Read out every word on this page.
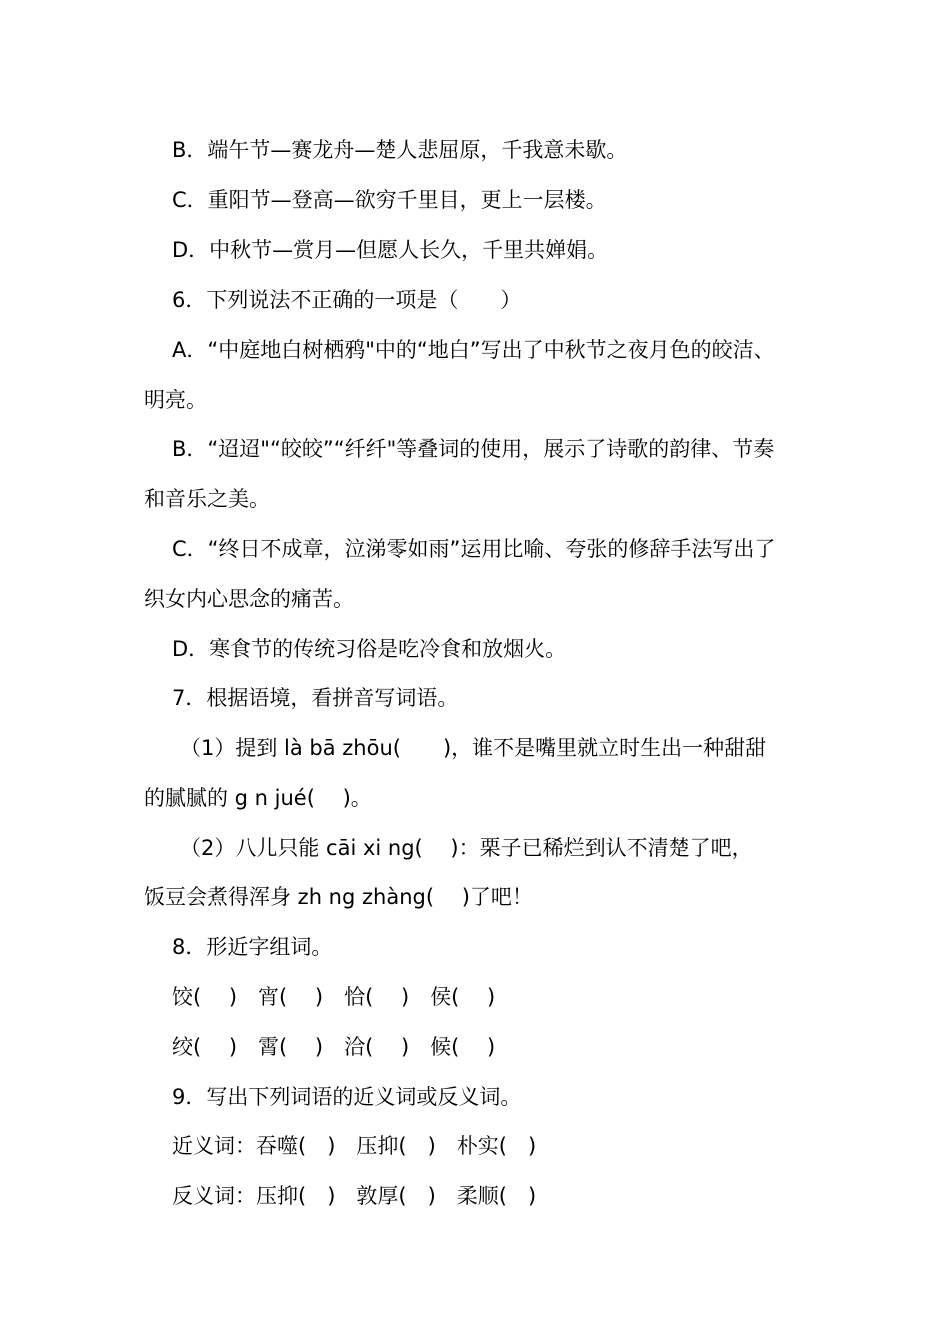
B．端午节—赛龙舟—楚人悲屈原，千我意未歇。
C．重阳节—登高—欲穷千里目，更上一层楼。
D．中秋节—赏月—但愿人长久，千里共婵娟。
6．下列说法不正确的一项是（　　）
A．“中庭地白树栖鸦"中的“地白”写出了中秋节之夜月色的皎洁、
明亮。
B．“迢迢"“皎皎”“纤纤"等叠词的使用，展示了诗歌的韵律、节奏
和音乐之美。
C．“终日不成章，泣涕零如雨”运用比喻、夸张的修辞手法写出了
织女内心思念的痛苦。
D．寒食节的传统习俗是吃冷食和放烟火。
7．根据语境，看拼音写词语。
（1）提到 là bā zhōu(　　)，谁不是嘴里就立时生出一种甜甜
的腻腻的 g n jué(　 )。
（2）八儿只能 cāi xi ng(　 )：栗子已稀烂到认不清楚了吧，
饭豆会煮得浑身 zh ng zhàng(　 )了吧！
8．形近字组词。
饺(　 )　宵(　 )　恰(　 )　侯(　 )
绞(　 )　霄(　 )　洽(　 )　候(　 )
9．写出下列词语的近义词或反义词。
近义词：吞噬(　)　压抑(　)　朴实(　)
反义词：压抑(　)　敦厚(　)　柔顺(　)
